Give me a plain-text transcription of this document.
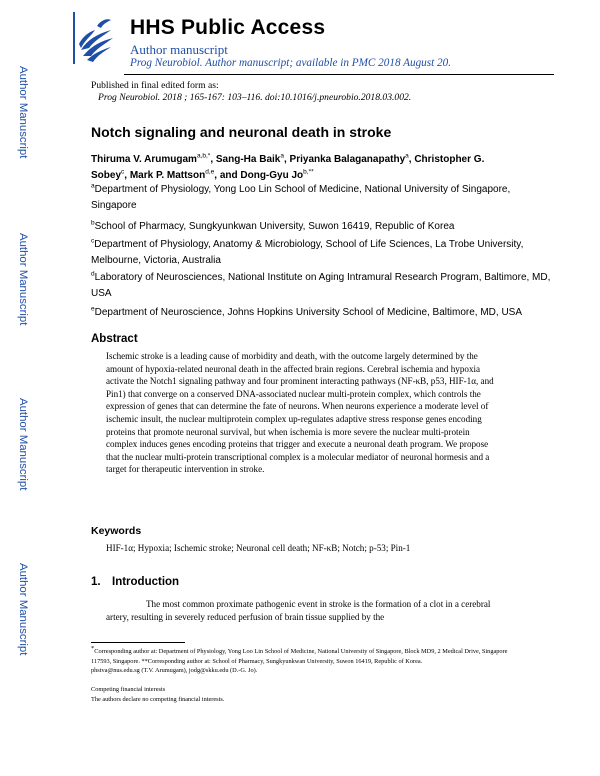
HHS Public Access
Author manuscript
Prog Neurobiol. Author manuscript; available in PMC 2018 August 20.
Published in final edited form as:
Prog Neurobiol. 2018 ; 165-167: 103–116. doi:10.1016/j.pneurobio.2018.03.002.
Author Manuscript
Author Manuscript
Author Manuscript
Author Manuscript
Notch signaling and neuronal death in stroke
Thiruma V. Arumugam$^{a,b,*}$, Sang-Ha Baik$^a$, Priyanka Balaganapathy$^a$, Christopher G.
Sobey$^c$, Mark P. Mattson$^{d,e}$, and Dong-Gyu $Jo^{b,**}$
$^a$Department of Physiology, Yong Loo Lin School of Medicine, National University of Singapore, Singapore
$^b$School of Pharmacy, Sungkyunkwan University, Suwon 16419, Republic of Korea
$^c$Department of Physiology, Anatomy & Microbiology, School of Life Sciences, La Trobe University, Melbourne, Victoria, Australia
$^d$Laboratory of Neurosciences, National Institute on Aging Intramural Research Program, Baltimore, MD, USA
$^e$Department of Neuroscience, Johns Hopkins University School of Medicine, Baltimore, MD, USA
Abstract
Ischemic stroke is a leading cause of morbidity and death, with the outcome largely determined by the amount of hypoxia-related neuronal death in the affected brain regions. Cerebral ischemia and hypoxia activate the Notch1 signaling pathway and four prominent interacting pathways (NF-κB, p53, HIF-1α, and Pin1) that converge on a conserved DNA-associated nuclear multi-protein complex, which controls the expression of genes that can determine the fate of neurons. When neurons experience a moderate level of ischemic insult, the nuclear multiprotein complex up-regulates adaptive stress response genes encoding proteins that promote neuronal survival, but when ischemia is more severe the nuclear multi-protein complex induces genes encoding proteins that trigger and execute a neuronal death program. We propose that the nuclear multi-protein transcriptional complex is a molecular mediator of neuronal hormesis and a target for therapeutic intervention in stroke.
Keywords
HIF-1α; Hypoxia; Ischemic stroke; Neuronal cell death; NF-κB; Notch; p-53; Pin-1
1. Introduction
The most common proximate pathogenic event in stroke is the formation of a clot in a cerebral artery, resulting in severely reduced perfusion of brain tissue supplied by the
*Corresponding author at: Department of Physiology, Yong Loo Lin School of Medicine, National University of Singapore, Block MD9, 2 Medical Drive, Singapore 117593, Singapore. **Corresponding author at: School of Pharmacy, Sungkyunkwan University, Suwon 16419, Republic of Korea.
phstva@nus.edu.sg (T.V. Arumugam), jodg@skku.edu (D.-G. Jo).
Competing financial interests
The authors declare no competing financial interests.
